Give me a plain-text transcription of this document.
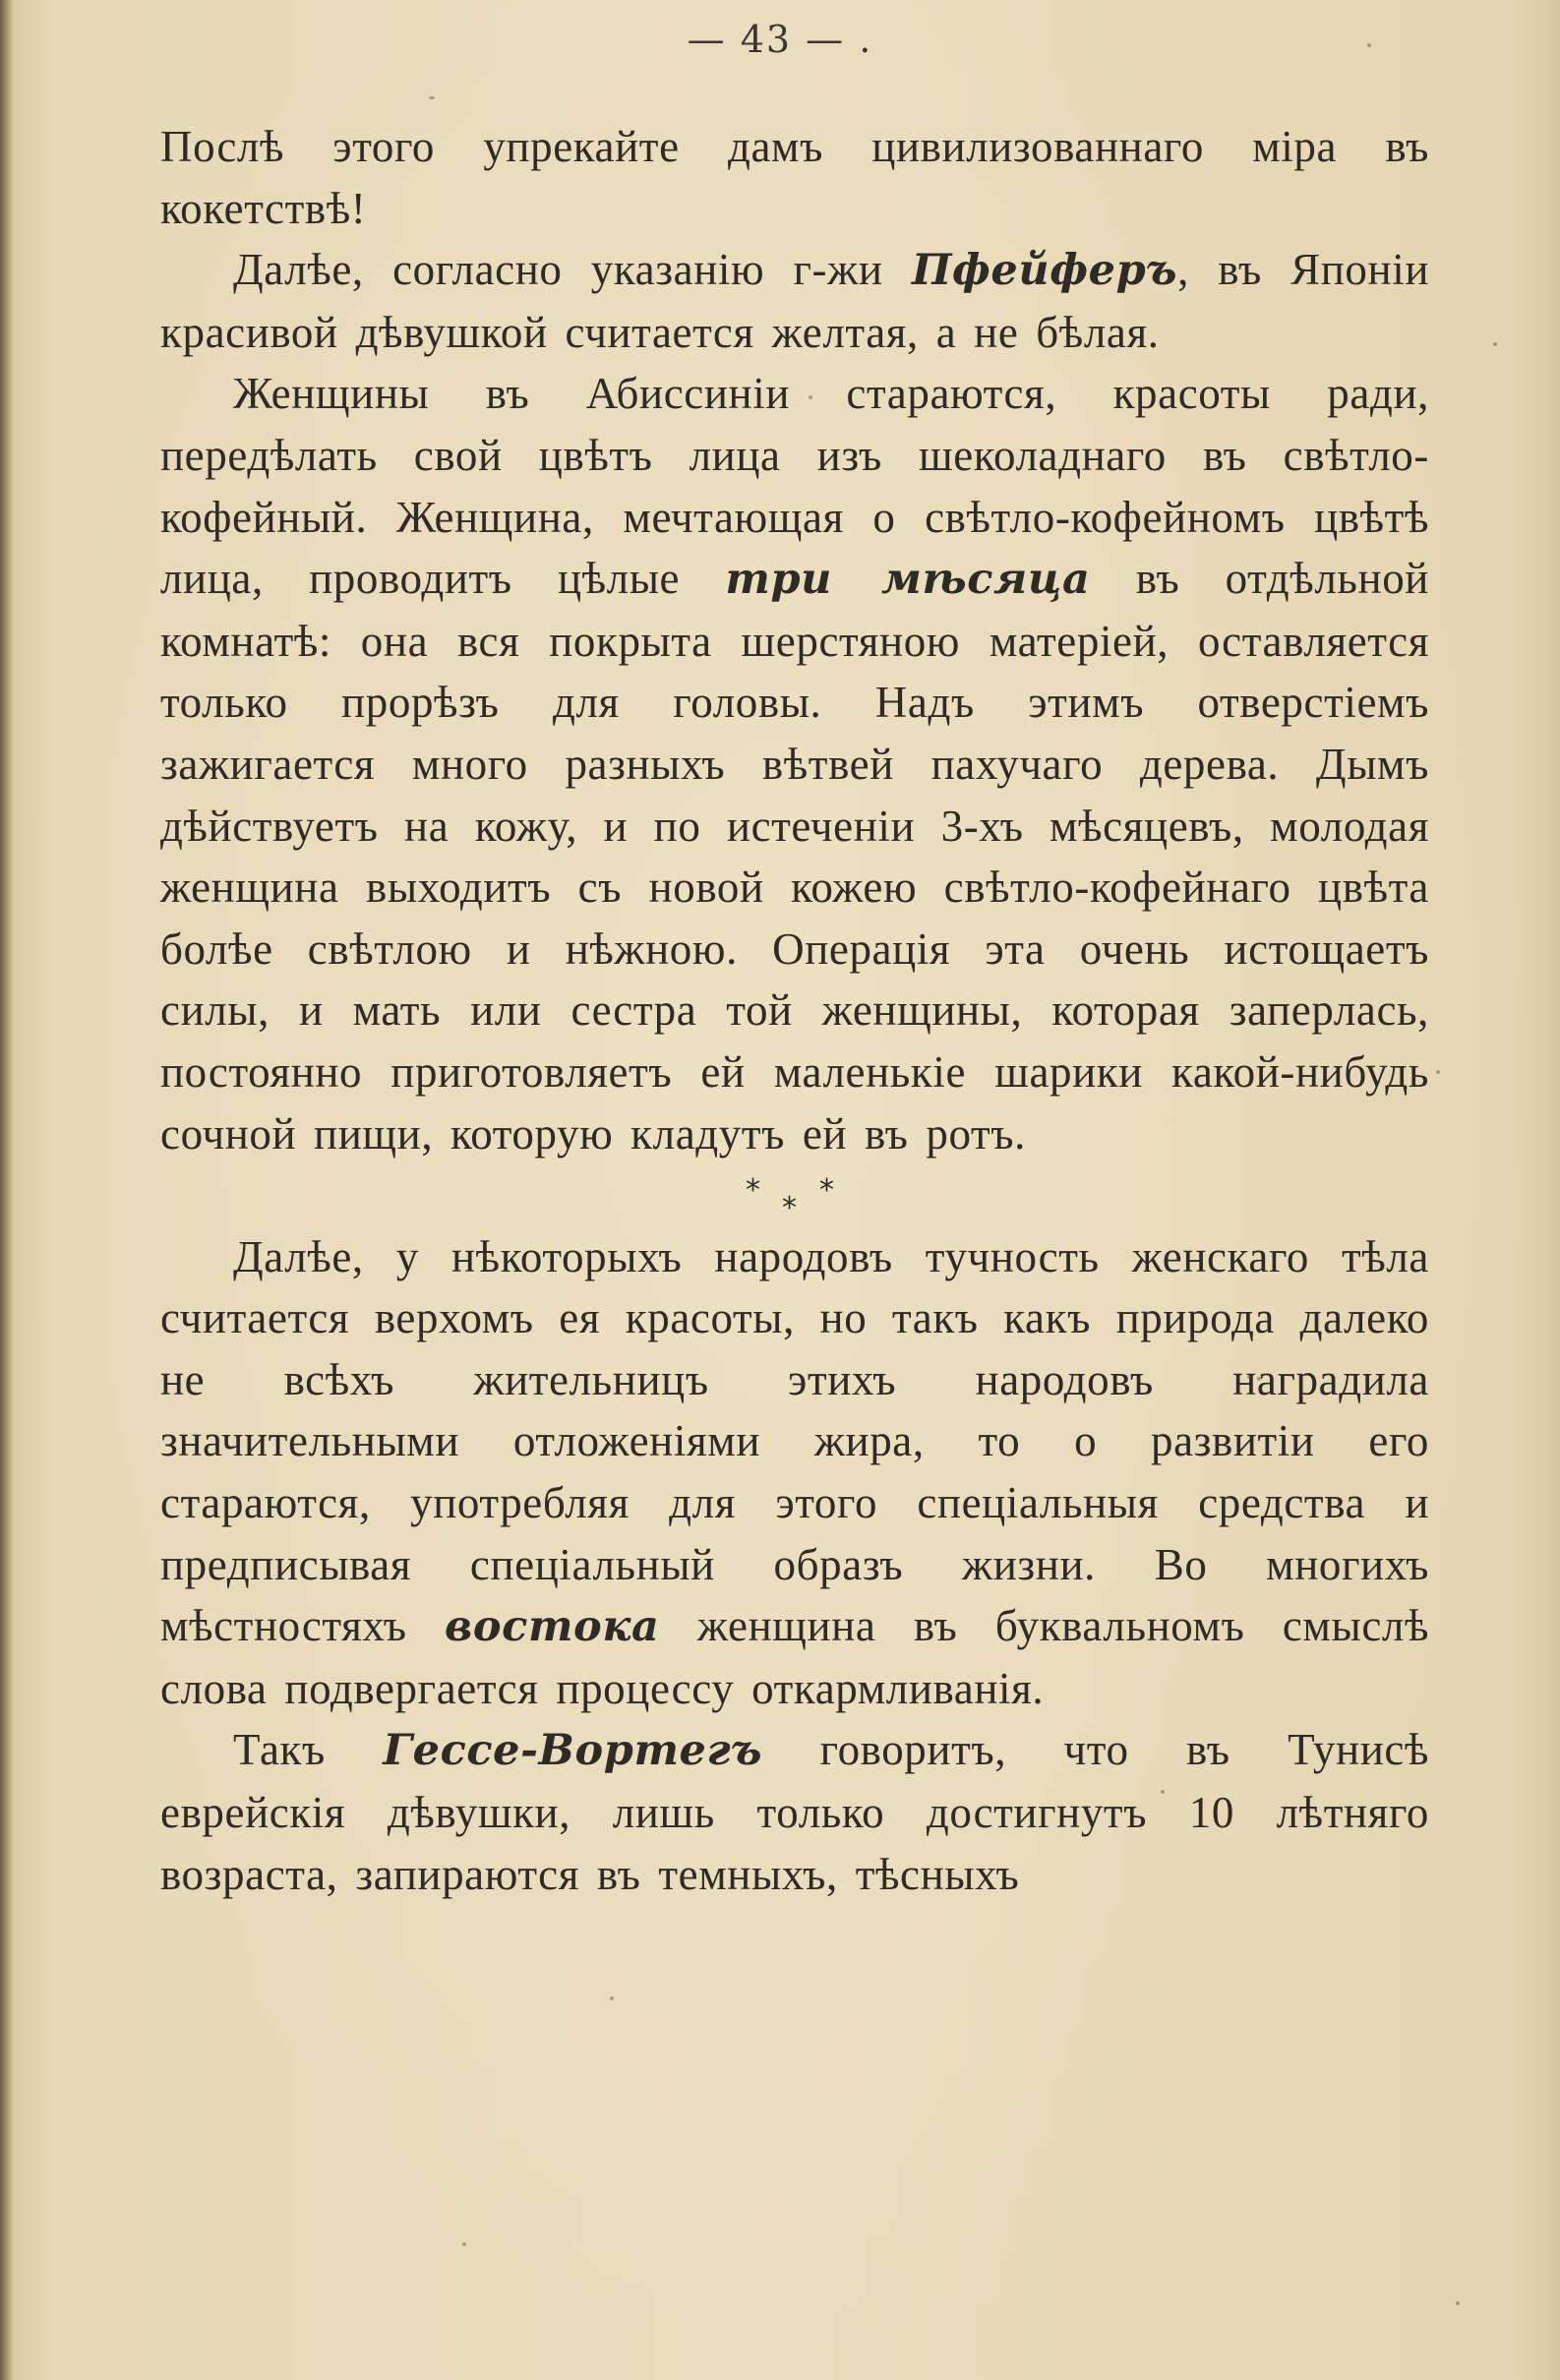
— 43 — .

Послѣ этого упрекайте дамъ цивилизованнаго міра въ кокетствѣ!

Далѣе, согласно указанію г-жи Пфейферъ, въ Японіи красивой дѣвушкой считается желтая, а не бѣлая.

Женщины въ Абиссиніи стараются, красоты ради, передѣлать свой цвѣтъ лица изъ шеколаднаго въ свѣтло-кофейный. Женщина, мечтающая о свѣтло-кофейномъ цвѣтѣ лица, проводитъ цѣлые три мѣсяца въ отдѣльной комнатѣ: она вся покрыта шерстяною матеріей, оставляется только прорѣзъ для головы. Надъ этимъ отверстіемъ зажигается много разныхъ вѣтвей пахучаго дерева. Дымъ дѣйствуетъ на кожу, и по истеченіи 3-хъ мѣсяцевъ, молодая женщина выходитъ съ новой кожею свѣтло-кофейнаго цвѣта болѣе свѣтлою и нѣжною. Операція эта очень истощаетъ силы, и мать или сестра той женщины, которая заперлась, постоянно приготовляетъ ей маленькіе шарики какой-нибудь сочной пищи, которую кладутъ ей въ ротъ.

* *
*

Далѣе, у нѣкоторыхъ народовъ тучность женскаго тѣла считается верхомъ ея красоты, но такъ какъ природа далеко не всѣхъ жительницъ этихъ народовъ наградила значительными отложеніями жира, то о развитіи его стараются, употребляя для этого спеціальныя средства и предписывая спеціальный образъ жизни. Во многихъ мѣстностяхъ востока женщина въ буквальномъ смыслѣ слова подвергается процессу откармливанія.

Такъ Гессе-Вортегъ говоритъ, что въ Тунисѣ еврейскія дѣвушки, лишь только достигнутъ 10 лѣтняго возраста, запираются въ темныхъ, тѣсныхъ
